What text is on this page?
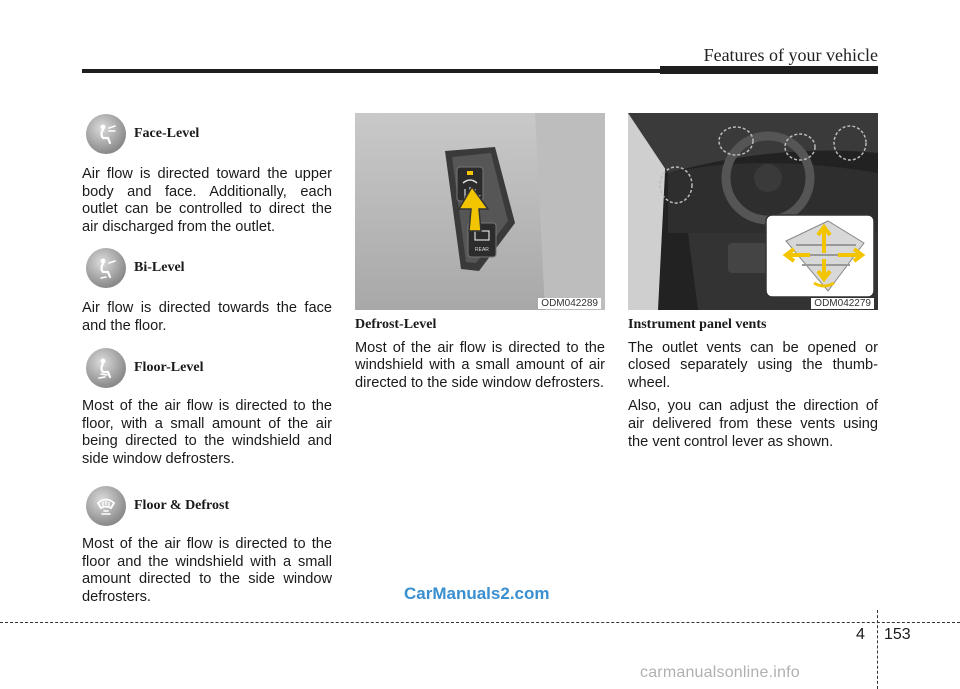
Features of your vehicle
Face-Level

Air flow is directed toward the upper body and face. Additionally, each outlet can be controlled to direct the air discharged from the outlet.

Bi-Level

Air flow is directed towards the face and the floor.

Floor-Level

Most of the air flow is directed to the floor, with a small amount of the air being directed to the windshield and side window defrosters.

Floor & Defrost

Most of the air flow is directed to the floor and the windshield with a small amount directed to the side window defrosters.

REAR
ODM042289

Defrost-Level

Most of the air flow is directed to the windshield with a small amount of air directed to the side window defrosters.

ODM042279

Instrument panel vents

The outlet vents can be opened or closed separately using the thumb-wheel.

Also, you can adjust the direction of air delivered from these vents using the vent control lever as shown.

CarManuals2.com
4 153
carmanualsonline.info
